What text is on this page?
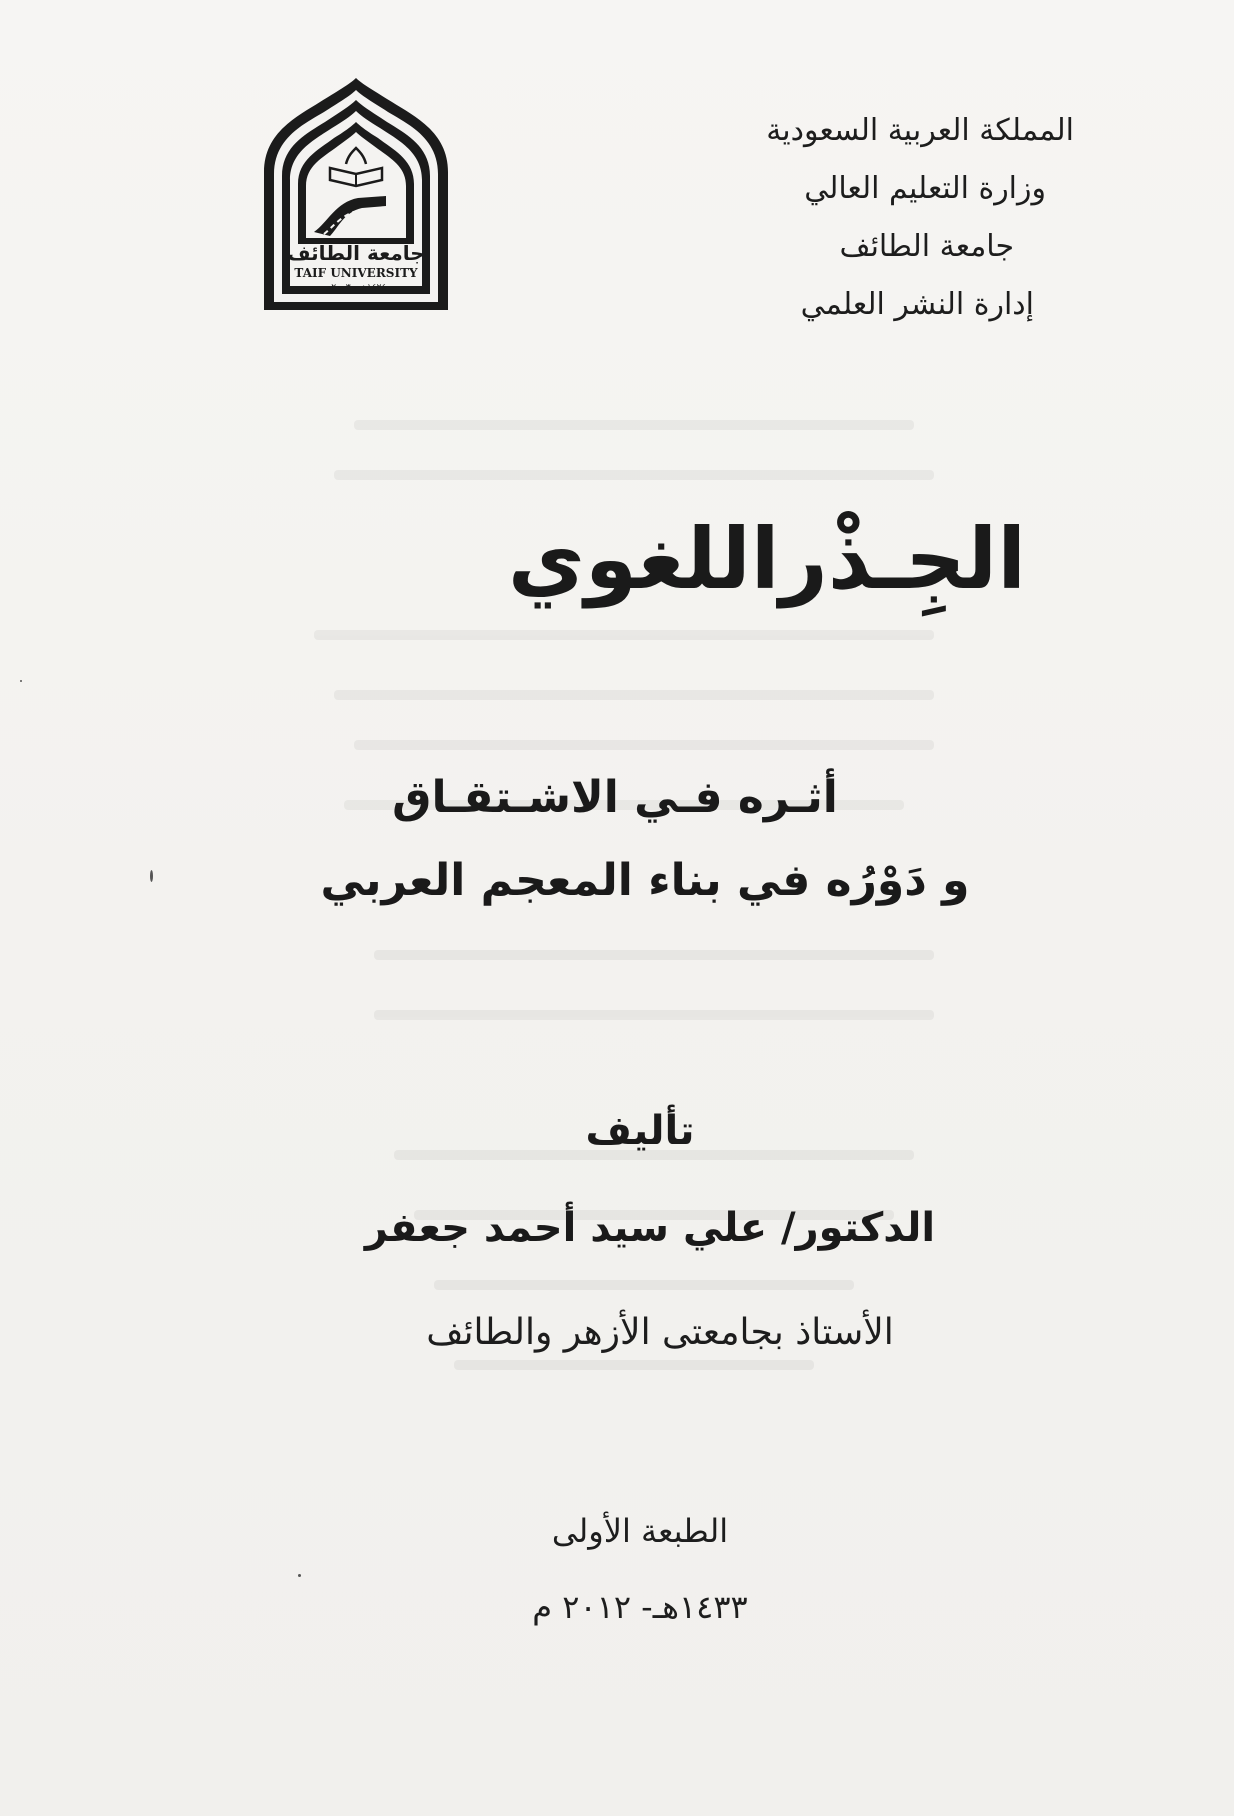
المملكة العربية السعودية
وزارة التعليم العالي
جامعة الطائف
إدارة النشر العلمي
جامعة الطائف
TAIF UNIVERSITY
١٤٢٤هـ - ٢٠٠٣م
الجِـذْراللغوي
أثـره فـي الاشـتقـاق
و دَوْرُه في بناء المعجم العربي
تأليف
الدكتور/ علي سيد أحمد جعفر
الأستاذ بجامعتى الأزهر والطائف
الطبعة الأولى
١٤٣٣هـ- ٢٠١٢ م
